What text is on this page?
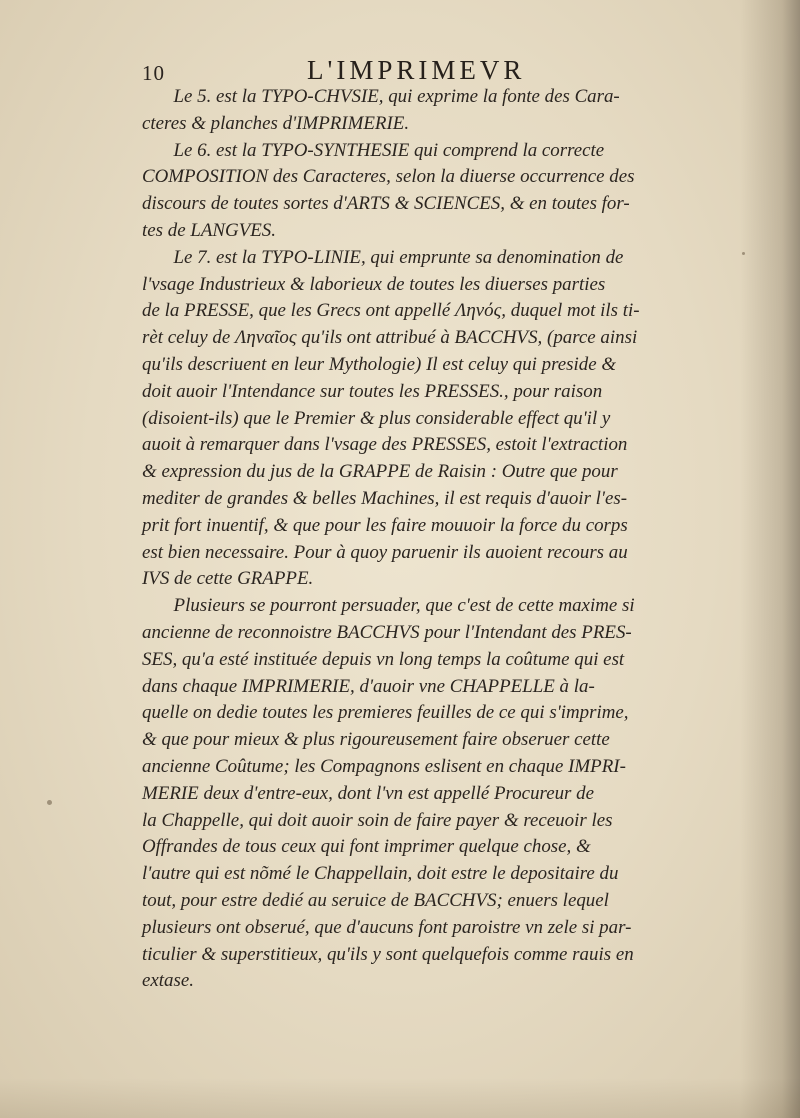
10	L'IMPRIMEVR
Le 5. est la TYPO-CHVSIE, qui exprime la fonte des Cara-
cteres & planches d'IMPRIMERIE.
Le 6. est la TYPO-SYNTHESIE qui comprend la correcte
COMPOSITION des Caracteres, selon la diuerse occurrence des
discours de toutes sortes d'ARTS & SCIENCES, & en toutes for-
tes de LANGVES.
Le 7. est la TYPO-LINIE, qui emprunte sa denomination de
l'vsage Industrieux & laborieux de toutes les diuerses parties
de la PRESSE, que les Grecs ont appellé Ληνός, duquel mot ils ti-
rèt celuy de Ληναῖος qu'ils ont attribué à BACCHVS, (parce ainsi
qu'ils descriuent en leur Mythologie) Il est celuy qui preside &
doit auoir l'Intendance sur toutes les PRESSES., pour raison
(disoient-ils) que le Premier & plus considerable effect qu'il y
auoit à remarquer dans l'vsage des PRESSES, estoit l'extraction
& expression du jus de la GRAPPE de Raisin : Outre que pour
mediter de grandes & belles Machines, il est requis d'auoir l'es-
prit fort inuentif, & que pour les faire mouuoir la force du corps
est bien necessaire. Pour à quoy paruenir ils auoient recours au
IVS de cette GRAPPE.
Plusieurs se pourront persuader, que c'est de cette maxime si
ancienne de reconnoistre BACCHVS pour l'Intendant des PRES-
SES, qu'a esté instituée depuis vn long temps la coûtume qui est
dans chaque IMPRIMERIE, d'auoir vne CHAPPELLE à la-
quelle on dedie toutes les premieres feuilles de ce qui s'imprime,
& que pour mieux & plus rigoureusement faire obseruer cette
ancienne Coûtume; les Compagnons eslisent en chaque IMPRI-
MERIE deux d'entre-eux, dont l'vn est appellé Procureur de
la Chappelle, qui doit auoir soin de faire payer & receuoir les
Offrandes de tous ceux qui font imprimer quelque chose, &
l'autre qui est nõmé le Chappellain, doit estre le depositaire du
tout, pour estre dedié au seruice de BACCHVS; enuers lequel
plusieurs ont obserué, que d'aucuns font paroistre vn zele si par-
ticulier & superstitieux, qu'ils y sont quelquefois comme rauis en
extase.
